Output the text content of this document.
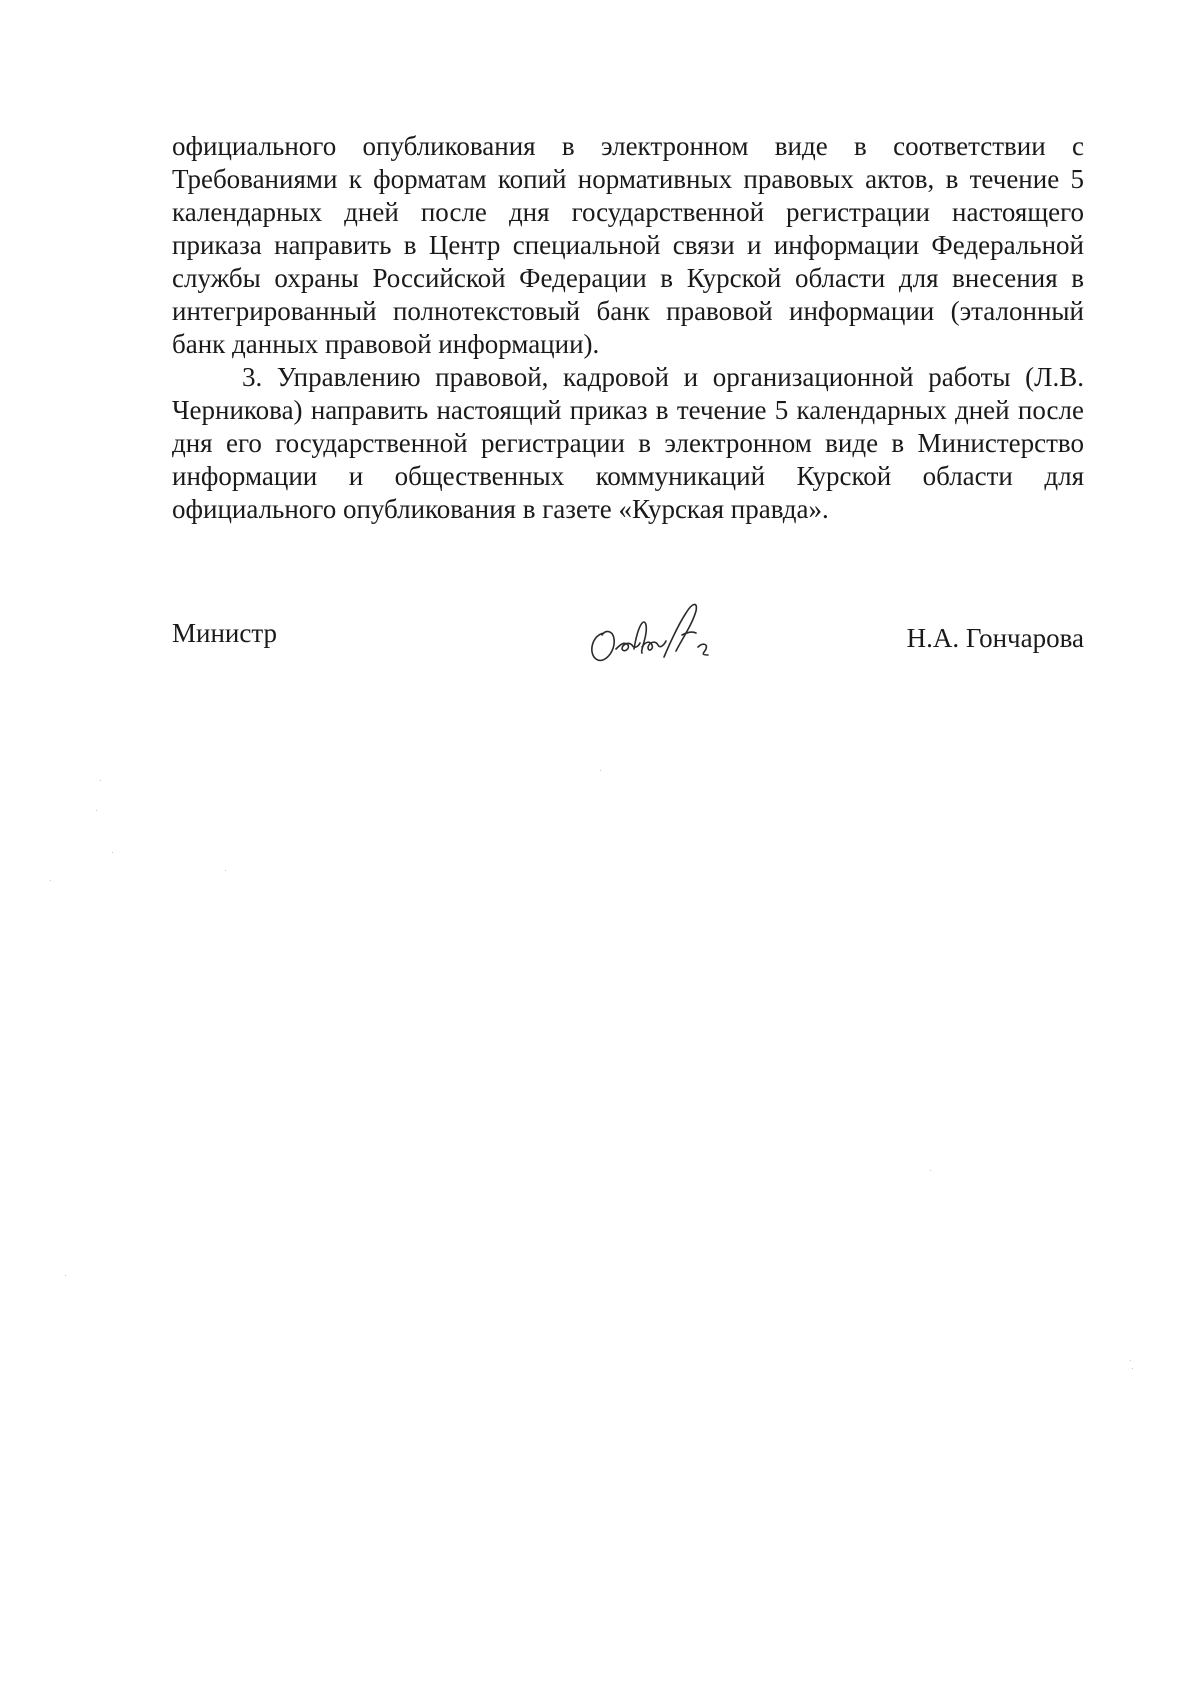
официального опубликования в электронном виде в соответствии с Требованиями к форматам копий нормативных правовых актов, в течение 5 календарных дней после дня государственной регистрации настоящего приказа направить в Центр специальной связи и информации Федеральной службы охраны Российской Федерации в Курской области для внесения в интегрированный полнотекстовый банк правовой информации (эталонный банк данных правовой информации).

3. Управлению правовой, кадровой и организационной работы (Л.В. Черникова) направить настоящий приказ в течение 5 календарных дней после дня его государственной регистрации в электронном виде в Министерство информации и общественных коммуникаций Курской области для официального опубликования в газете «Курская правда».

Министр	Н.А. Гончарова
